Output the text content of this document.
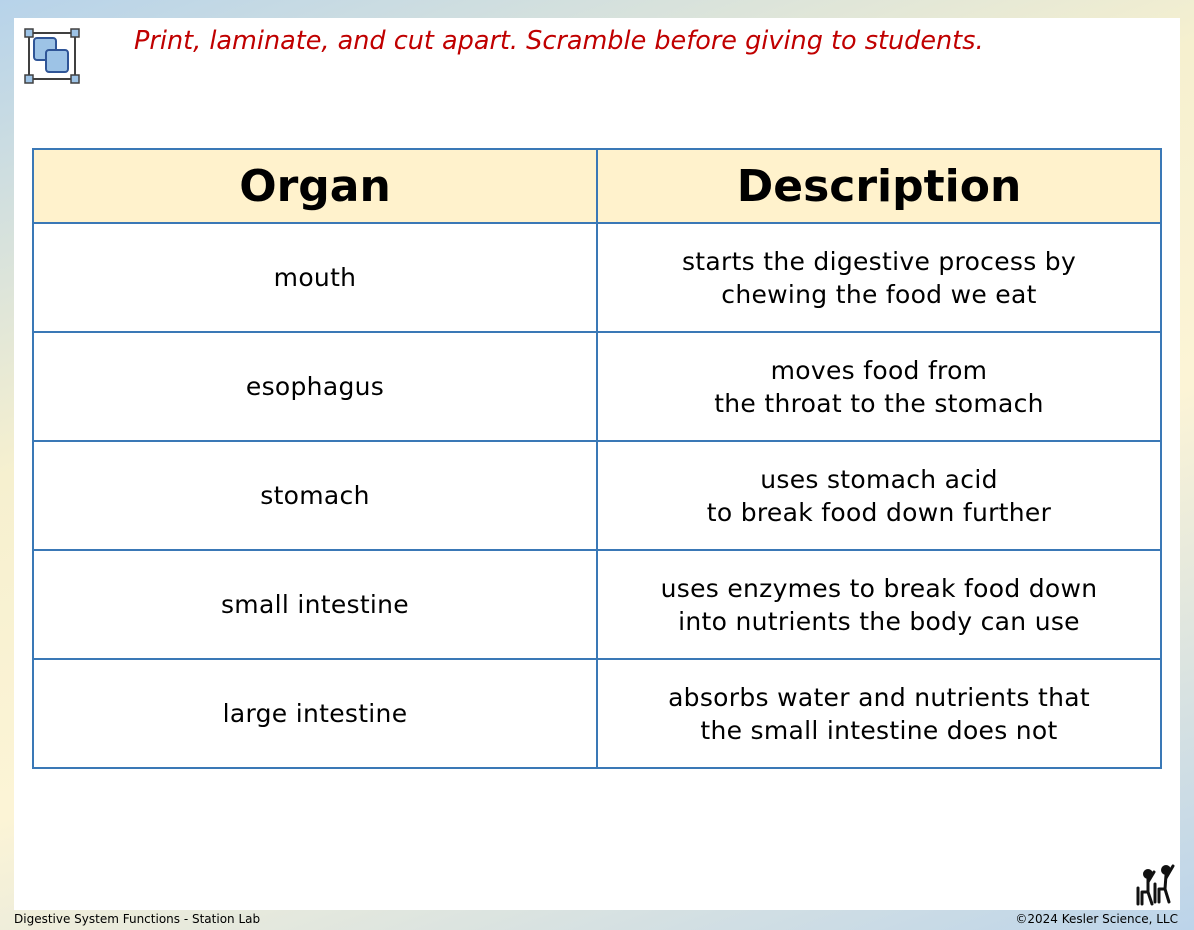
Print, laminate, and cut apart. Scramble before giving to students.
Organ	Description
mouth	starts the digestive process by
chewing the food we eat
esophagus	moves food from
the throat to the stomach
stomach	uses stomach acid
to break food down further
small intestine	uses enzymes to break food down
into nutrients the body can use
large intestine	absorbs water and nutrients that
the small intestine does not
Digestive System Functions - Station Lab	©2024 Kesler Science, LLC
